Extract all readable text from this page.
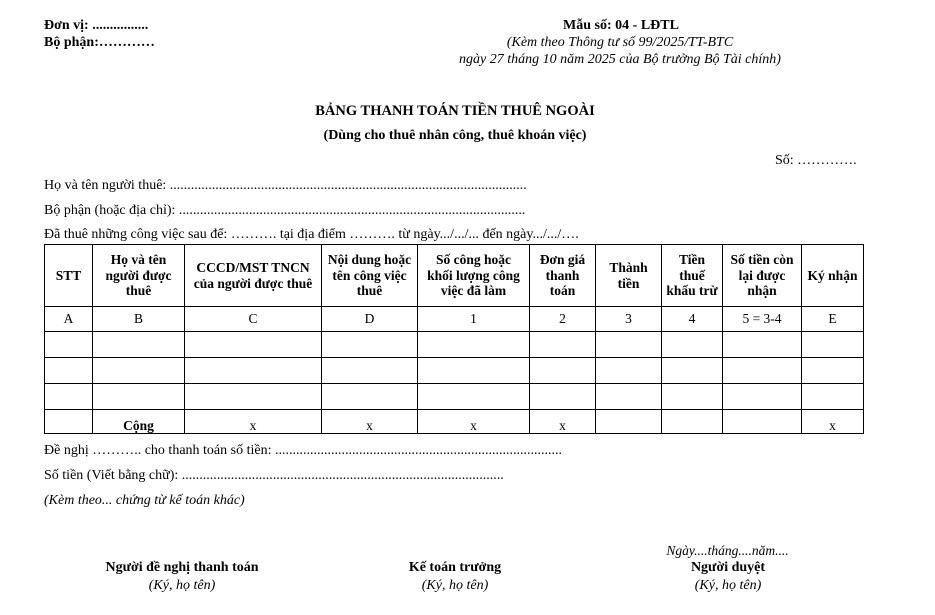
Đơn vị: ................
Bộ phận:…………
Mẫu số: 04 - LĐTL
(Kèm theo Thông tư số 99/2025/TT-BTC
ngày 27 tháng 10 năm 2025 của Bộ trưởng Bộ Tài chính)
BẢNG THANH TOÁN TIỀN THUÊ NGOÀI
(Dùng cho thuê nhân công, thuê khoán việc)
Số: ………….
Họ và tên người thuê: ......................................................................................................
Bộ phận (hoặc địa chỉ): ...................................................................................................
Đã thuê những công việc sau để: ………. tại địa điểm ………. từ ngày.../.../... đến ngày.../.../….
STT	Họ và tên
người được
thuê	CCCD/MST TNCN
của người được thuê	Nội dung hoặc
tên công việc
thuê	Số công hoặc
khối lượng công
việc đã làm	Đơn giá
thanh
toán	Thành
tiền	Tiền
thuế
khấu trừ	Số tiền còn
lại được
nhận	Ký nhận
A	B	C	D	1	2	3	4	5 = 3-4	E

	Cộng	x	x	x	x				x
Đề nghị ……….. cho thanh toán số tiền: ..................................................................................
Số tiền (Viết bằng chữ): ............................................................................................
(Kèm theo... chứng từ kế toán khác)
Ngày....tháng....năm....
Người đề nghị thanh toán
(Ký, họ tên)
Kế toán trưởng
(Ký, họ tên)
Người duyệt
(Ký, họ tên)
